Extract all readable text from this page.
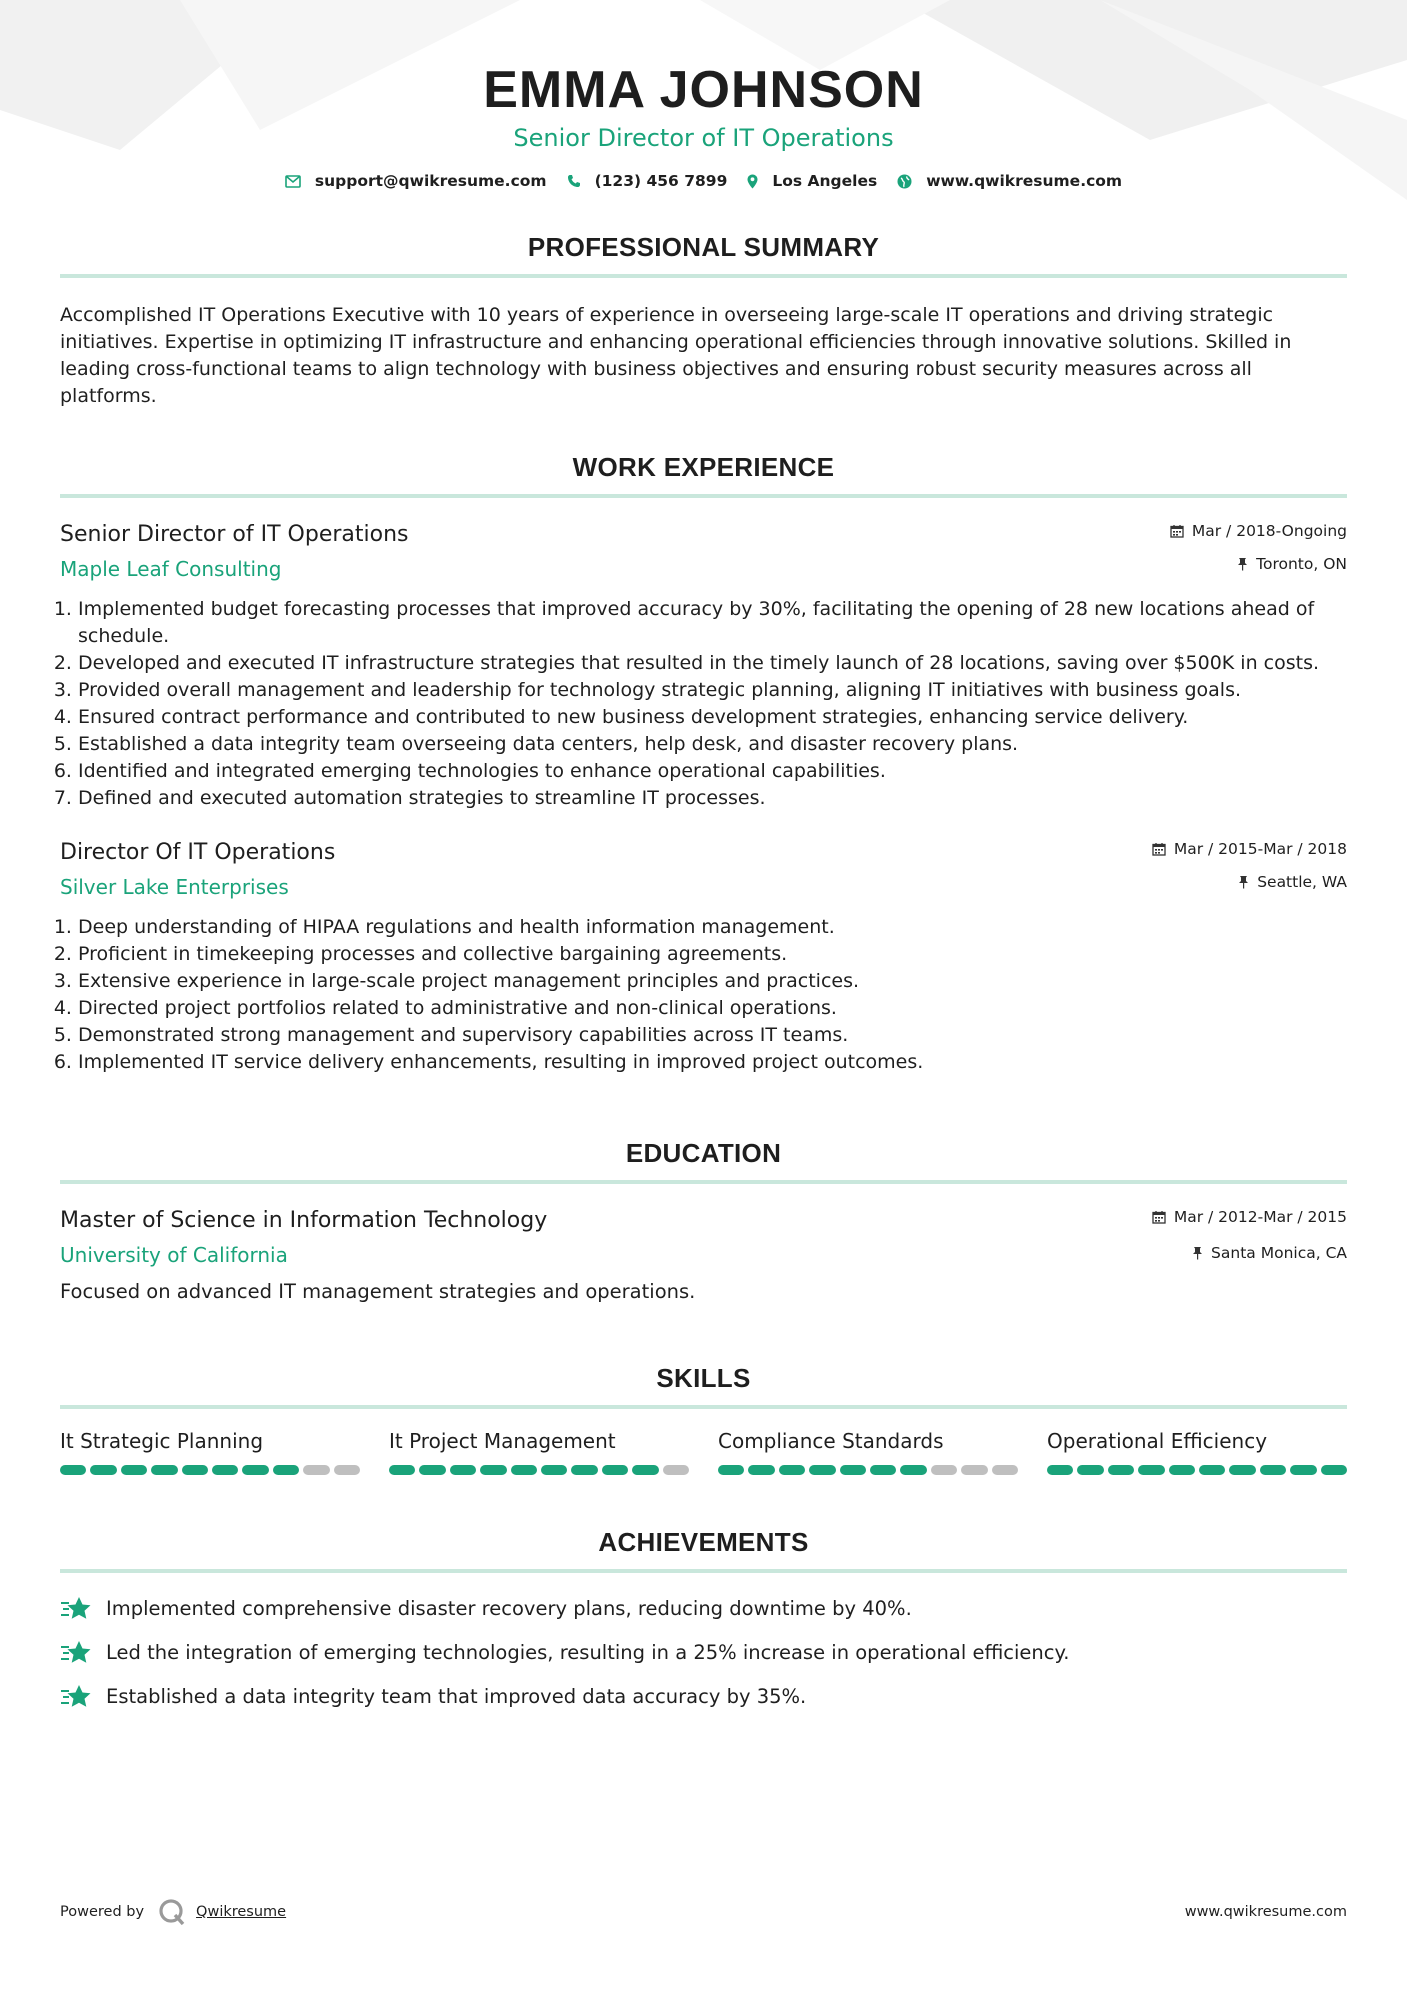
EMMA JOHNSON
Senior Director of IT Operations
support@qwikresume.com	(123) 456 7899	Los Angeles	www.qwikresume.com
PROFESSIONAL SUMMARY

Accomplished IT Operations Executive with 10 years of experience in overseeing large-scale IT operations and driving strategic initiatives. Expertise in optimizing IT infrastructure and enhancing operational efficiencies through innovative solutions. Skilled in leading cross-functional teams to align technology with business objectives and ensuring robust security measures across all platforms.

WORK EXPERIENCE
Senior Director of IT Operations
Maple Leaf Consulting
Mar / 2018-Ongoing
Toronto, ON
1. Implemented budget forecasting processes that improved accuracy by 30%, facilitating the opening of 28 new locations ahead of schedule.
2. Developed and executed IT infrastructure strategies that resulted in the timely launch of 28 locations, saving over $500K in costs.
3. Provided overall management and leadership for technology strategic planning, aligning IT initiatives with business goals.
4. Ensured contract performance and contributed to new business development strategies, enhancing service delivery.
5. Established a data integrity team overseeing data centers, help desk, and disaster recovery plans.
6. Identified and integrated emerging technologies to enhance operational capabilities.
7. Defined and executed automation strategies to streamline IT processes.
Director Of IT Operations
Silver Lake Enterprises
Mar / 2015-Mar / 2018
Seattle, WA
1. Deep understanding of HIPAA regulations and health information management.
2. Proficient in timekeeping processes and collective bargaining agreements.
3. Extensive experience in large-scale project management principles and practices.
4. Directed project portfolios related to administrative and non-clinical operations.
5. Demonstrated strong management and supervisory capabilities across IT teams.
6. Implemented IT service delivery enhancements, resulting in improved project outcomes.
EDUCATION
Master of Science in Information Technology
University of California
Mar / 2012-Mar / 2015
Santa Monica, CA
Focused on advanced IT management strategies and operations.
SKILLS
It Strategic Planning	It Project Management	Compliance Standards	Operational Efficiency
ACHIEVEMENTS
Implemented comprehensive disaster recovery plans, reducing downtime by 40%.
Led the integration of emerging technologies, resulting in a 25% increase in operational efficiency.
Established a data integrity team that improved data accuracy by 35%.
Powered by	Qwikresume	www.qwikresume.com
